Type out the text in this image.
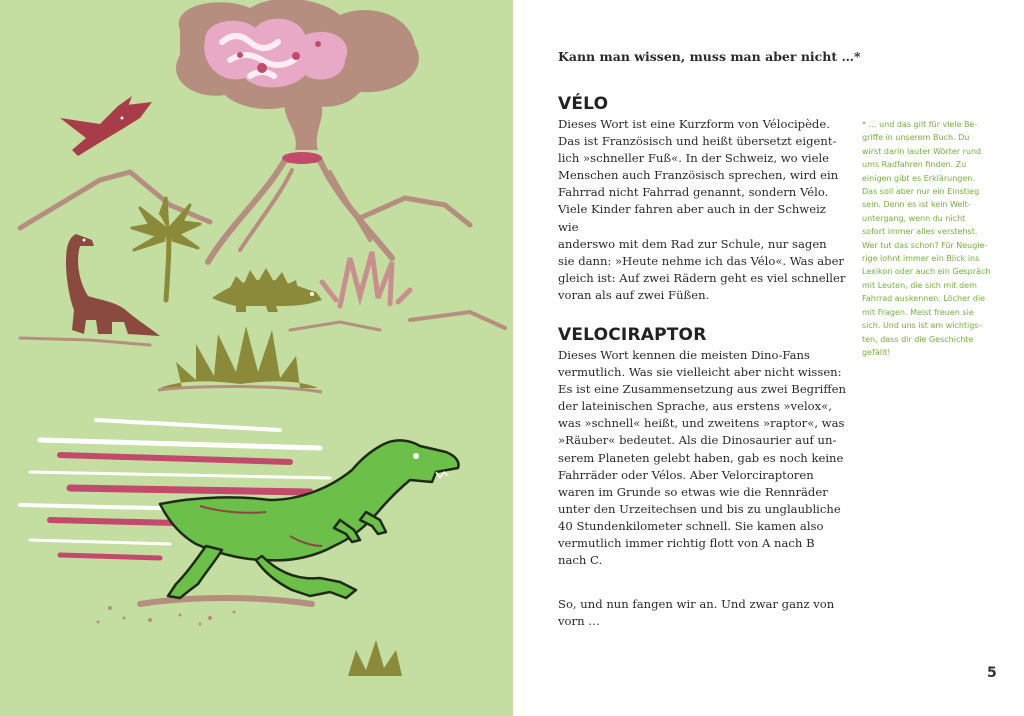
Kann man wissen, muss man aber nicht …*
VÉLO

Dieses Wort ist eine Kurzform von Vélocipède.
Das ist Französisch und heißt übersetzt eigent-
lich »schneller Fuß«. In der Schweiz, wo viele
Menschen auch Französisch sprechen, wird ein
Fahrrad nicht Fahrrad genannt, sondern Vélo.
Viele Kinder fahren aber auch in der Schweiz wie
anderswo mit dem Rad zur Schule, nur sagen
sie dann: »Heute nehme ich das Vélo«. Was aber
gleich ist: Auf zwei Rädern geht es viel schneller
voran als auf zwei Füßen.

VELOCIRAPTOR

Dieses Wort kennen die meisten Dino-Fans
vermutlich. Was sie vielleicht aber nicht wissen:
Es ist eine Zusammensetzung aus zwei Begriffen
der lateinischen Sprache, aus erstens »velox«,
was »schnell« heißt, und zweitens »raptor«, was
»Räuber« bedeutet. Als die Dinosaurier auf un-
serem Planeten gelebt haben, gab es noch keine
Fahrräder oder Vélos. Aber Velorciraptoren
waren im Grunde so etwas wie die Rennräder
unter den Urzeitechsen und bis zu unglaubliche
40 Stundenkilometer schnell. Sie kamen also
vermutlich immer richtig flott von A nach B
nach C.

So, und nun fangen wir an. Und zwar ganz von
vorn …

* … und das gilt für viele Be-
griffe in unserem Buch. Du
wirst darin lauter Wörter rund
ums Radfahren finden. Zu
einigen gibt es Erklärungen.
Das soll aber nur ein Einstieg
sein. Denn es ist kein Welt-
untergang, wenn du nicht
sofort immer alles verstehst.
Wer tut das schon? Für Neugie-
rige lohnt immer ein Blick ins
Lexikon oder auch ein Gespräch
mit Leuten, die sich mit dem
Fahrrad auskennen. Löcher die
mit Fragen. Meist freuen sie
sich. Und uns ist am wichtigs-
ten, dass dir die Geschichte
gefällt!

5
